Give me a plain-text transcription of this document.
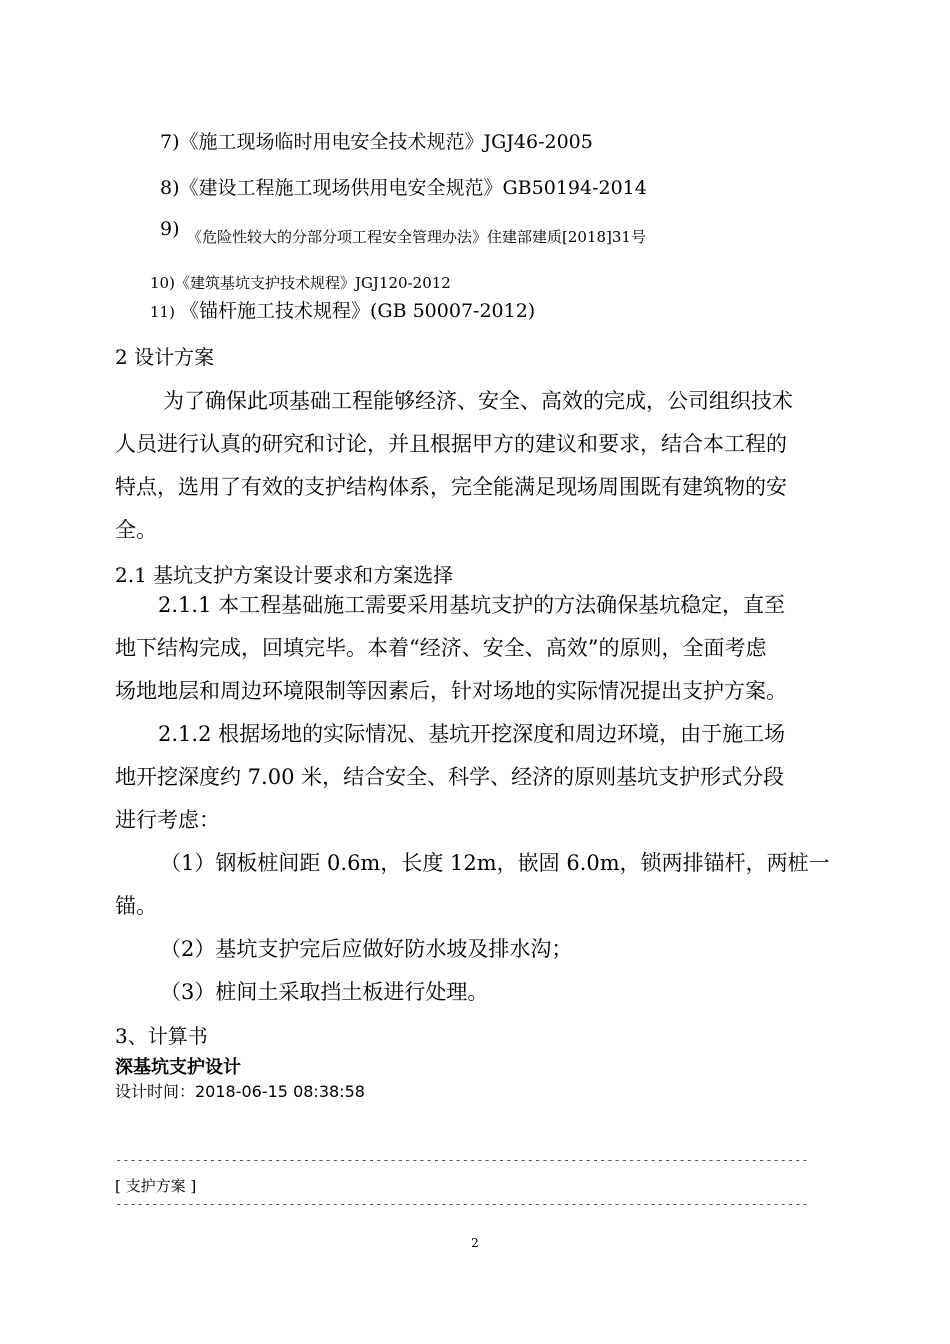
7)《施工现场临时用电安全技术规范》JGJ46-2005
8)《建设工程施工现场供用电安全规范》GB50194-2014
9) 《危险性较大的分部分项工程安全管理办法》住建部建质[2018]31号
10)《建筑基坑支护技术规程》JGJ120-2012
11) 《锚杆施工技术规程》(GB 50007-2012)
2 设计方案
为了确保此项基础工程能够经济、安全、高效的完成，公司组织技术
人员进行认真的研究和讨论，并且根据甲方的建议和要求，结合本工程的
特点，选用了有效的支护结构体系，完全能满足现场周围既有建筑物的安
全。
2.1 基坑支护方案设计要求和方案选择
2.1.1 本工程基础施工需要采用基坑支护的方法确保基坑稳定，直至
地下结构完成，回填完毕。本着“经济、安全、高效”的原则，全面考虑
场地地层和周边环境限制等因素后，针对场地的实际情况提出支护方案。
2.1.2 根据场地的实际情况、基坑开挖深度和周边环境，由于施工场
地开挖深度约 7.00 米，结合安全、科学、经济的原则基坑支护形式分段
进行考虑：
（1）钢板桩间距 0.6m，长度 12m，嵌固 6.0m，锁两排锚杆，两桩一
锚。
（2）基坑支护完后应做好防水坡及排水沟；
（3）桩间土采取挡土板进行处理。
3、计算书
深基坑支护设计
设计时间：2018-06-15 08:38:58
------------------------------------------------------------------------------------------------
[ 支护方案 ]
------------------------------------------------------------------------------------------------
2
